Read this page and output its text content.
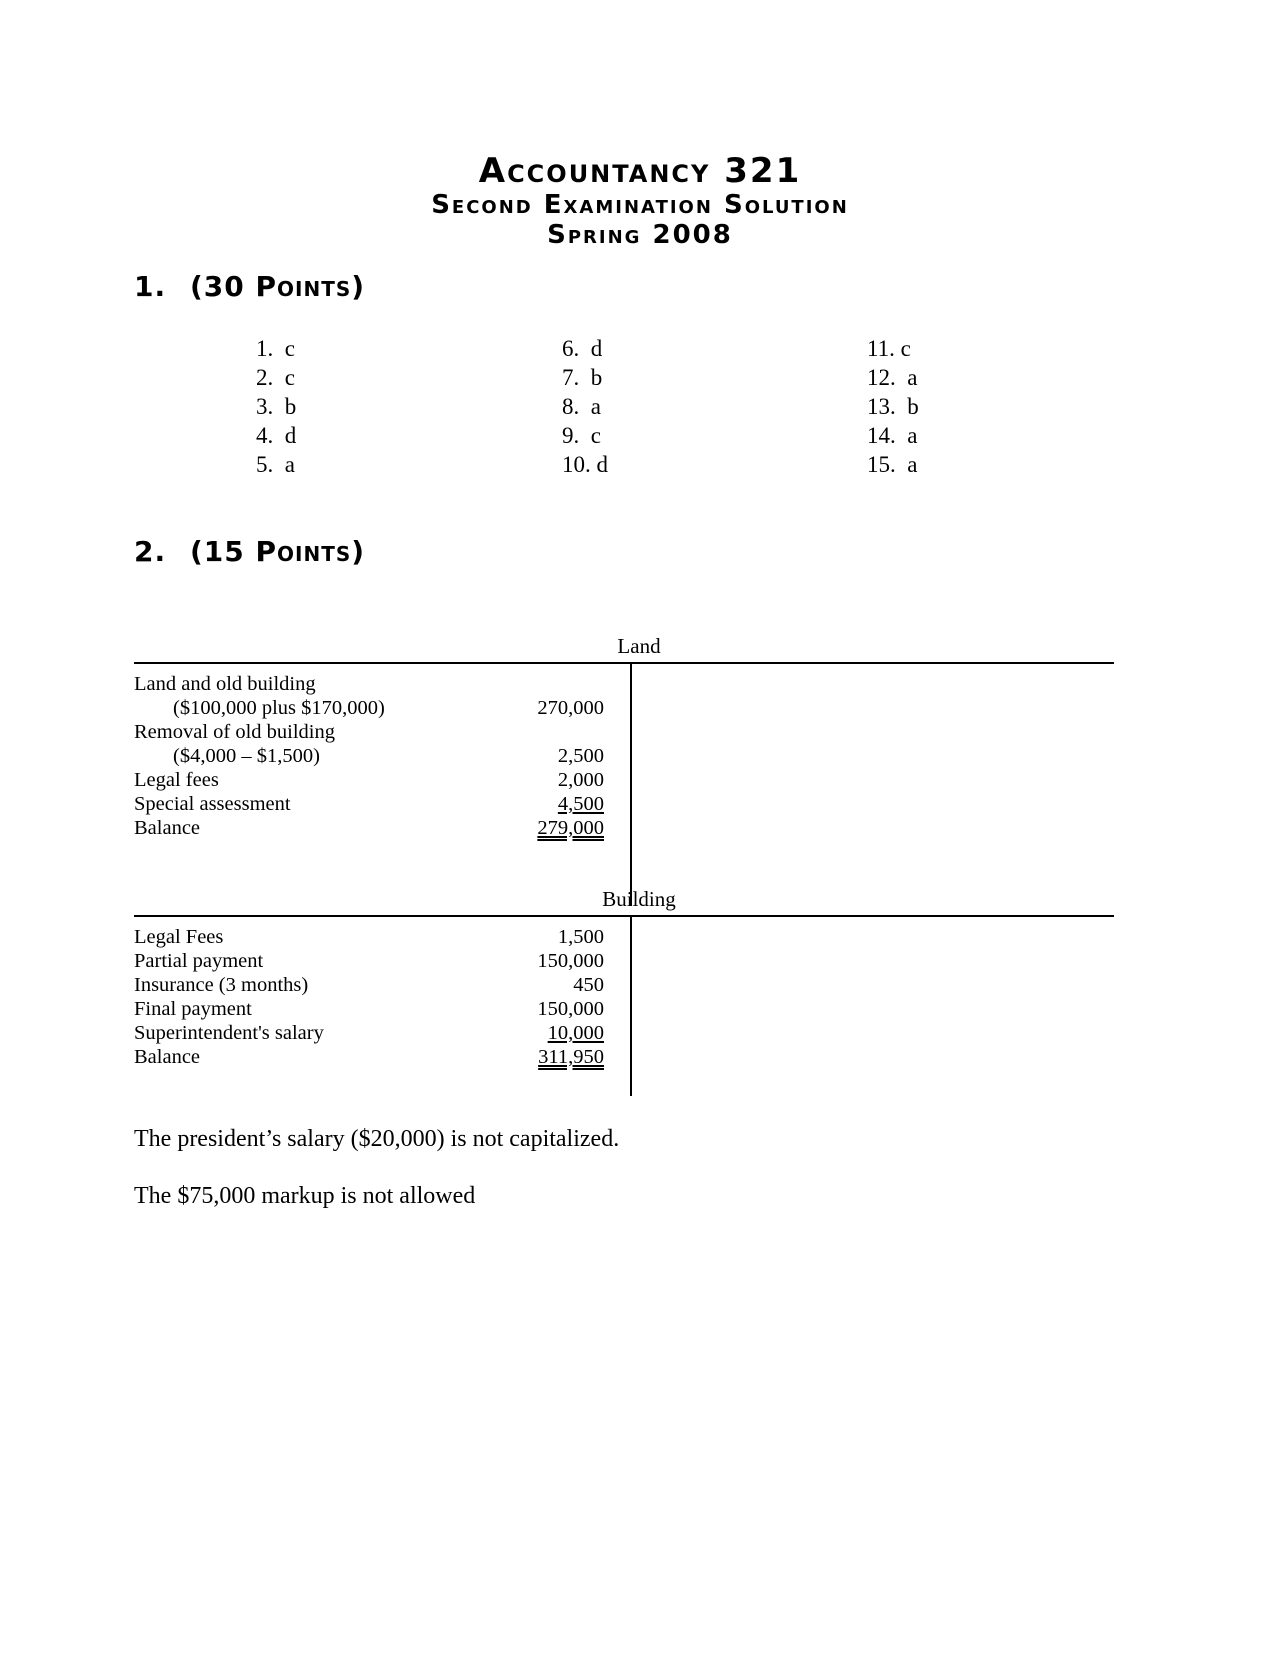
Accountancy 321
Second Examination Solution
Spring 2008
1. (30 Points)
1.  c
2.  c
3.  b
4.  d
5.  a
6.  d
7.  b
8.  a
9.  c
10. d
11. c
12.  a
13.  b
14.  a
15.  a
2. (15 Points)
Land
Land and old building
($100,000 plus $170,000)	270,000
Removal of old building
($4,000 – $1,500)	2,500
Legal fees	2,000
Special assessment	4,500
Balance	279,000
Building
Legal Fees	1,500
Partial payment	150,000
Insurance (3 months)	450
Final payment	150,000
Superintendent's salary	10,000
Balance	311,950
The president’s salary ($20,000) is not capitalized.
The $75,000 markup is not allowed
